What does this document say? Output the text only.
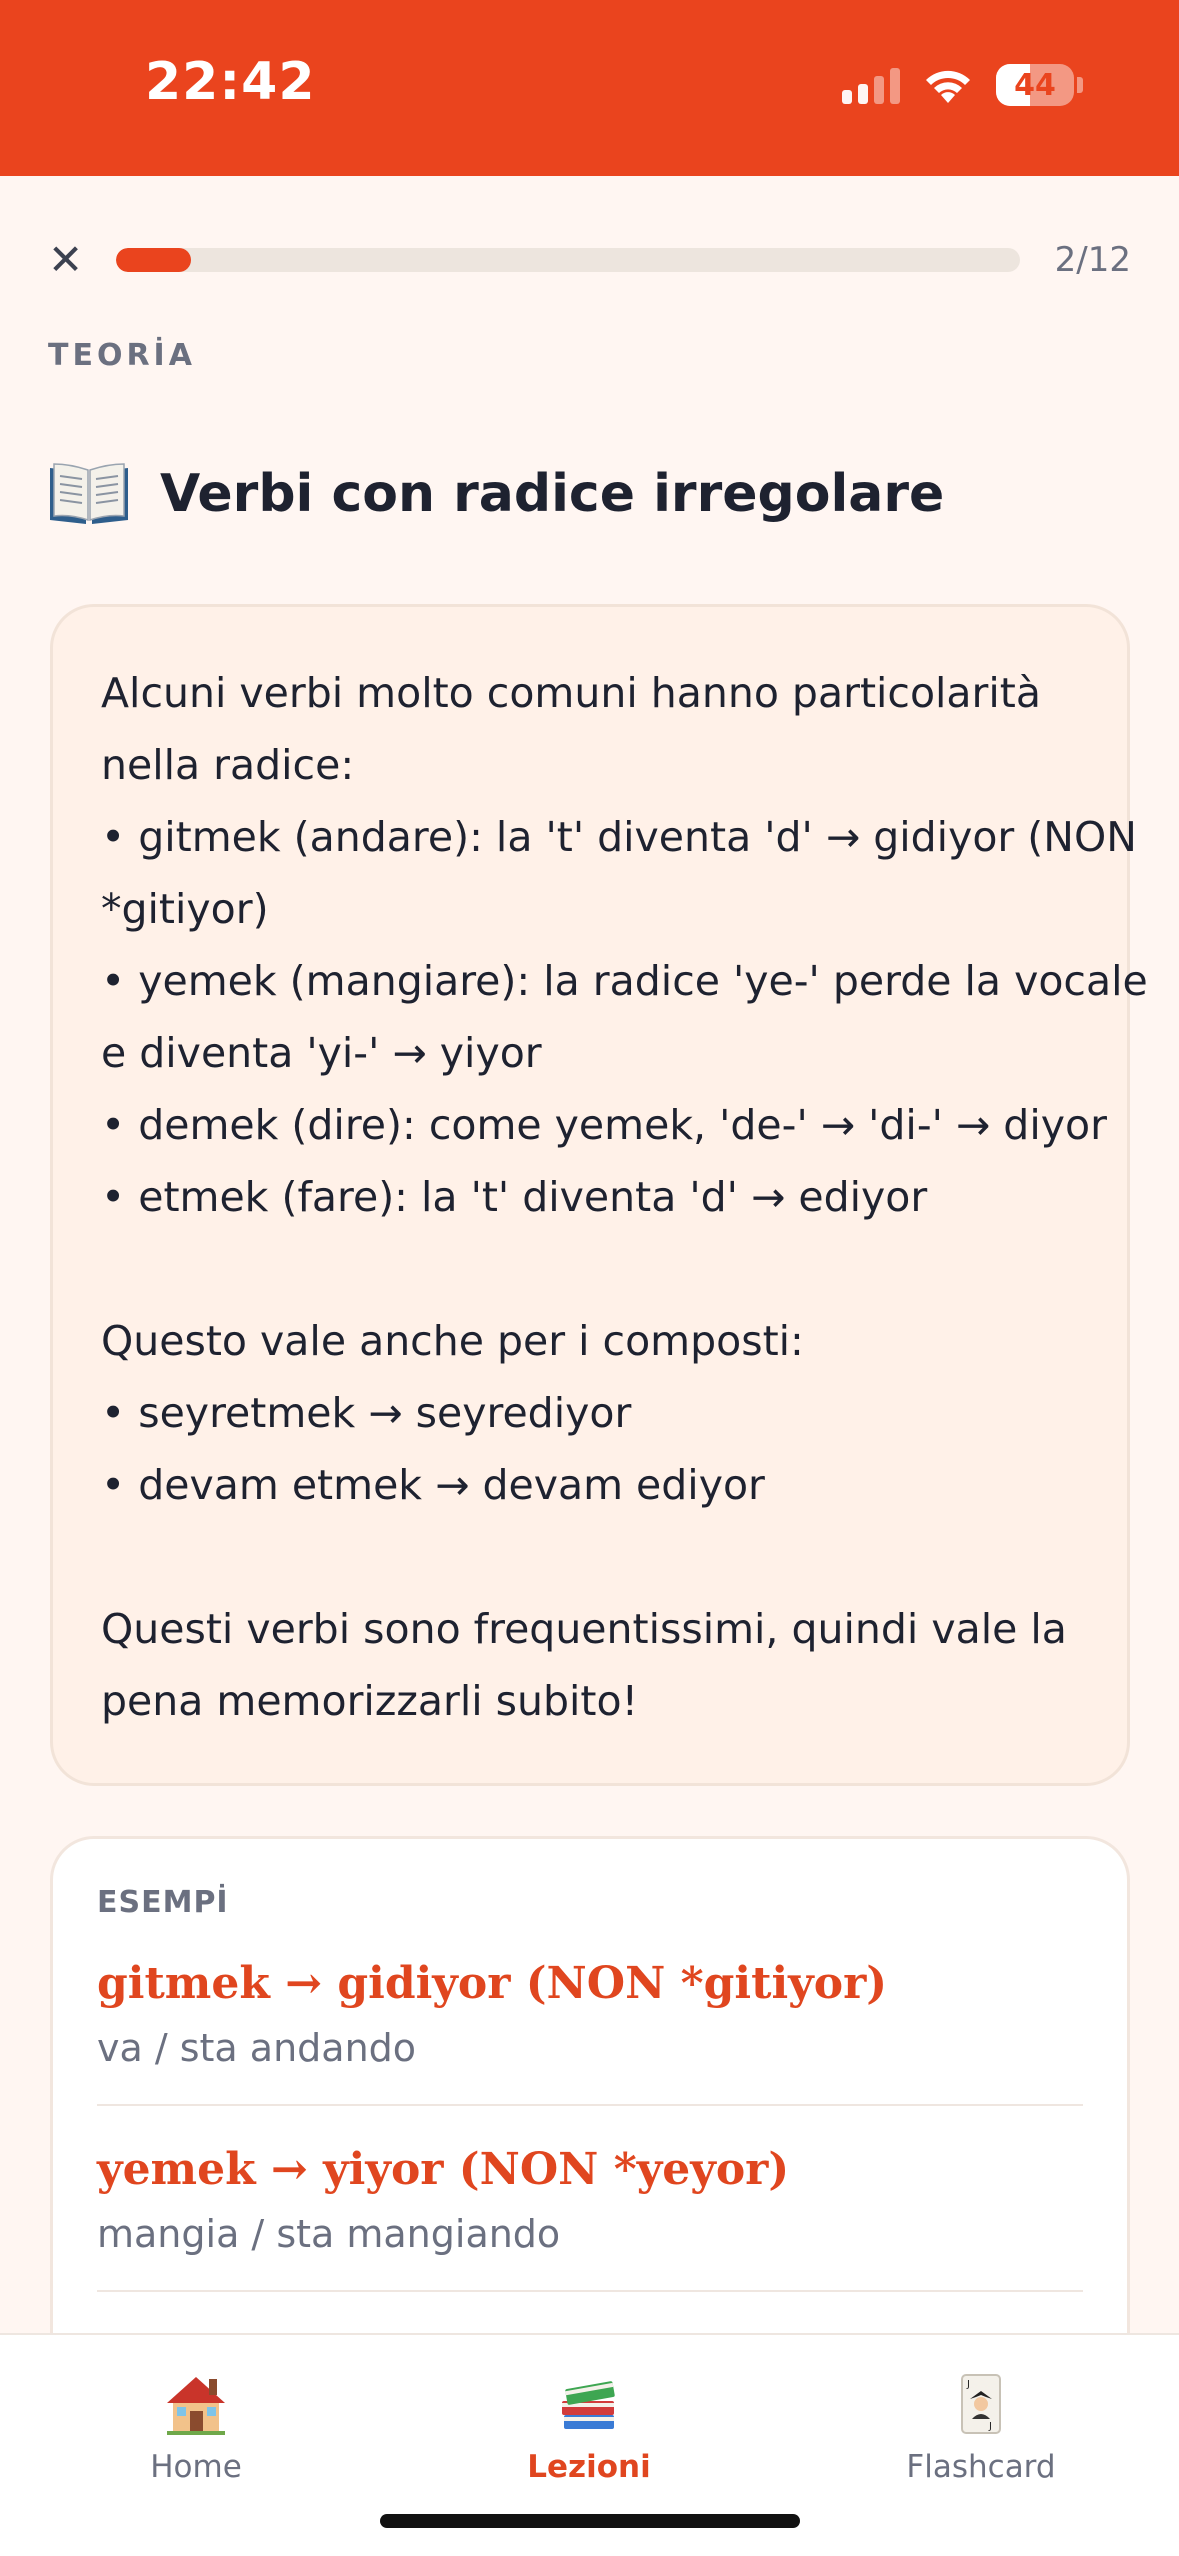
22:42	44
✕	2/12
TEORİA
Verbi con radice irregolare
Alcuni verbi molto comuni hanno particolarità
nella radice:
• gitmek (andare): la 't' diventa 'd' → gidiyor (NON
*gitiyor)
• yemek (mangiare): la radice 'ye-' perde la vocale
e diventa 'yi-' → yiyor
• demek (dire): come yemek, 'de-' → 'di-' → diyor
• etmek (fare): la 't' diventa 'd' → ediyor
Questo vale anche per i composti:
• seyretmek → seyrediyor
• devam etmek → devam ediyor
Questi verbi sono frequentissimi, quindi vale la
pena memorizzarli subito!
ESEMPİ
gitmek → gidiyor (NON *gitiyor)
va / sta andando
yemek → yiyor (NON *yeyor)
mangia / sta mangiando
Home	Lezioni
J
J
Flashcard
